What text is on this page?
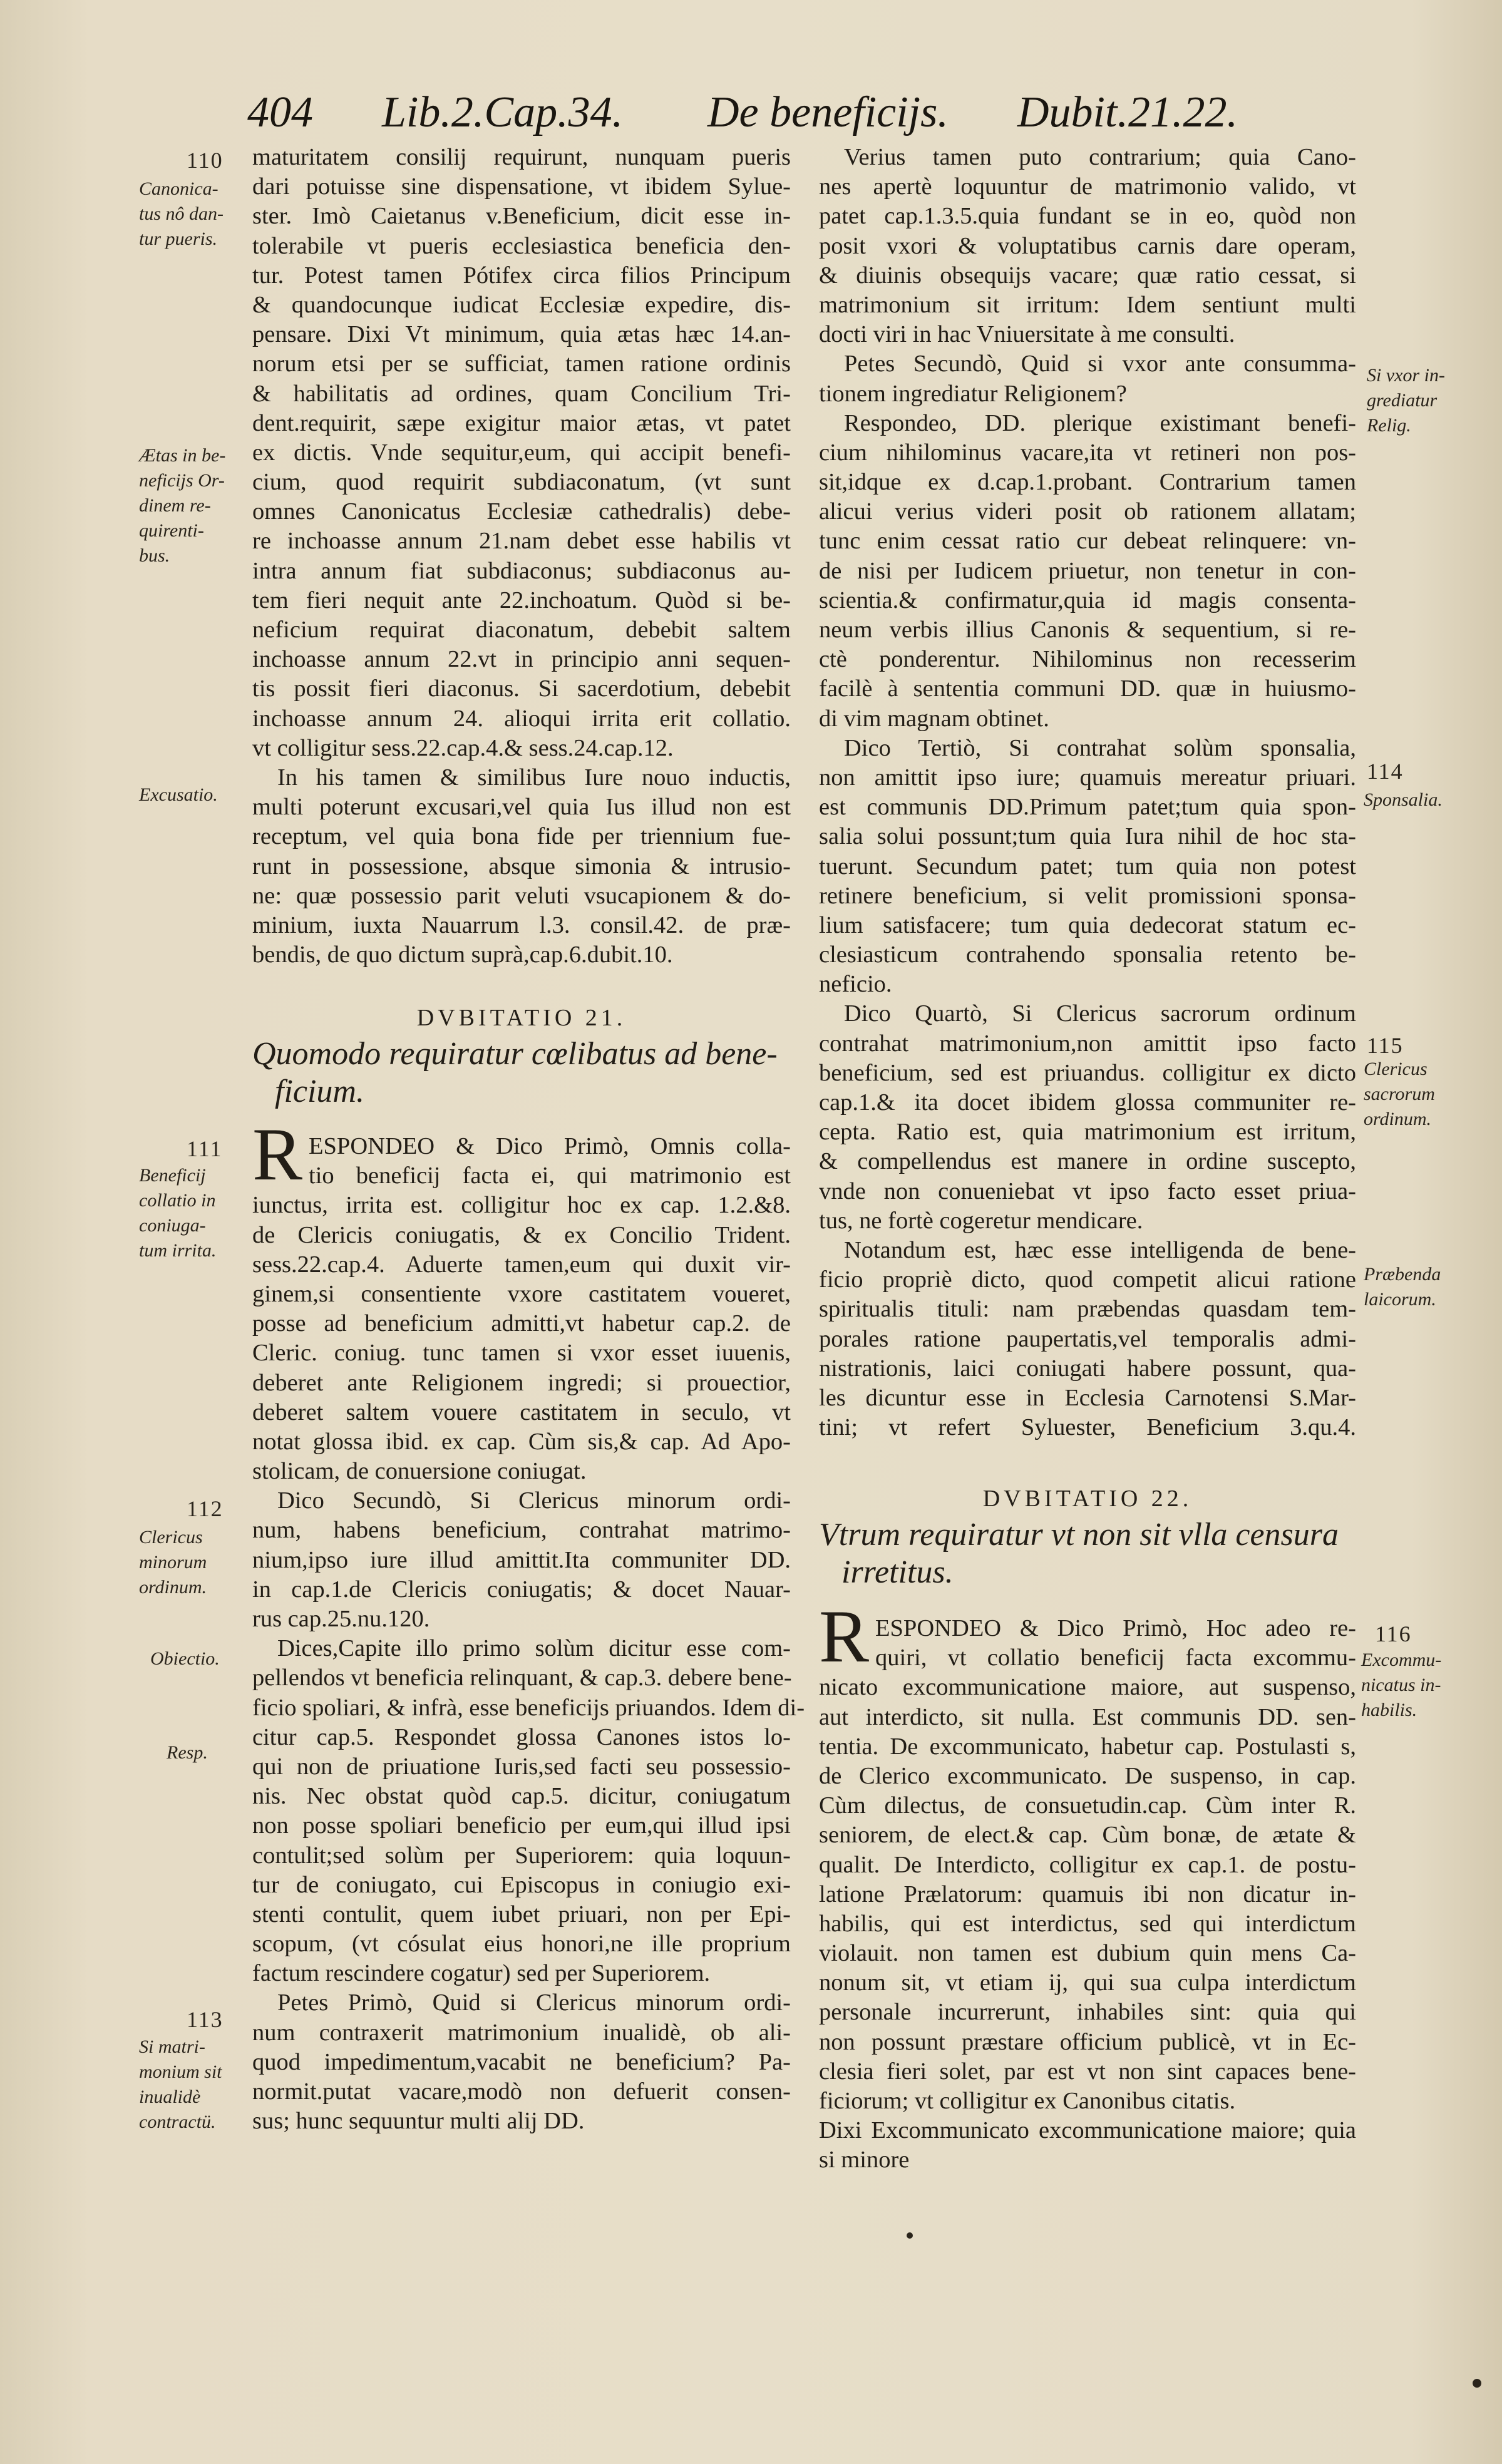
404 Lib.2.Cap.34. De beneficijs. Dubit.21.22.

maturitatem consilij requirunt, nunquam pueris

dari potuisse sine dispensatione, vt ibidem Sylue-

ster. Imò Caietanus v.Beneficium, dicit esse in-

tolerabile vt pueris ecclesiastica beneficia den-

tur. Potest tamen Pótifex circa filios Principum

& quandocunque iudicat Ecclesiæ expedire, dis-

pensare. Dixi Vt minimum, quia ætas hæc 14.an-

norum etsi per se sufficiat, tamen ratione ordinis

& habilitatis ad ordines, quam Concilium Tri-

dent.requirit, sæpe exigitur maior ætas, vt patet

ex dictis. Vnde sequitur,eum, qui accipit benefi-

cium, quod requirit subdiaconatum, (vt sunt

omnes Canonicatus Ecclesiæ cathedralis) debe-

re inchoasse annum 21.nam debet esse habilis vt

intra annum fiat subdiaconus; subdiaconus au-

tem fieri nequit ante 22.inchoatum. Quòd si be-

neficium requirat diaconatum, debebit saltem

inchoasse annum 22.vt in principio anni sequen-

tis possit fieri diaconus. Si sacerdotium, debebit

inchoasse annum 24. alioqui irrita erit collatio.

vt colligitur sess.22.cap.4.& sess.24.cap.12.

In his tamen & similibus Iure nouo inductis,

multi poterunt excusari,vel quia Ius illud non est

receptum, vel quia bona fide per triennium fue-

runt in possessione, absque simonia & intrusio-

ne: quæ possessio parit veluti vsucapionem & do-

minium, iuxta Nauarrum l.3. consil.42. de præ-

bendis, de quo dictum suprà,cap.6.dubit.10.

DVBITATIO 21.

Quomodo requiratur cœlibatus ad bene-

ficium.

R ESPONDEO & Dico Primò, Omnis colla-

tio beneficij facta ei, qui matrimonio est

iunctus, irrita est. colligitur hoc ex cap. 1.2.&8.

de Clericis coniugatis, & ex Concilio Trident.

sess.22.cap.4. Aduerte tamen,eum qui duxit vir-

ginem,si consentiente vxore castitatem voueret,

posse ad beneficium admitti,vt habetur cap.2. de

Cleric. coniug. tunc tamen si vxor esset iuuenis,

deberet ante Religionem ingredi; si prouectior,

deberet saltem vouere castitatem in seculo, vt

notat glossa ibid. ex cap. Cùm sis,& cap. Ad Apo-

stolicam, de conuersione coniugat.

Dico Secundò, Si Clericus minorum ordi-

num, habens beneficium, contrahat matrimo-

nium,ipso iure illud amittit.Ita communiter DD.

in cap.1.de Clericis coniugatis; & docet Nauar-

rus cap.25.nu.120.

Dices,Capite illo primo solùm dicitur esse com-

pellendos vt beneficia relinquant, & cap.3. debere bene-

ficio spoliari, & infrà, esse beneficijs priuandos. Idem di-

citur cap.5. Respondet glossa Canones istos lo-

qui non de priuatione Iuris,sed facti seu possessio-

nis. Nec obstat quòd cap.5. dicitur, coniugatum

non posse spoliari beneficio per eum,qui illud ipsi

contulit;sed solùm per Superiorem: quia loquun-

tur de coniugato, cui Episcopus in coniugio exi-

stenti contulit, quem iubet priuari, non per Epi-

scopum, (vt cósulat eius honori,ne ille proprium

factum rescindere cogatur) sed per Superiorem.

Petes Primò, Quid si Clericus minorum ordi-

num contraxerit matrimonium inualidè, ob ali-

quod impedimentum,vacabit ne beneficium? Pa-

normit.putat vacare,modò non defuerit consen-

sus; hunc sequuntur multi alij DD.

Verius tamen puto contrarium; quia Cano-

nes apertè loquuntur de matrimonio valido, vt

patet cap.1.3.5.quia fundant se in eo, quòd non

posit vxori & voluptatibus carnis dare operam,

& diuinis obsequijs vacare; quæ ratio cessat, si

matrimonium sit irritum: Idem sentiunt multi

docti viri in hac Vniuersitate à me consulti.

Petes Secundò, Quid si vxor ante consumma-

tionem ingrediatur Religionem?

Respondeo, DD. plerique existimant benefi-

cium nihilominus vacare,ita vt retineri non pos-

sit,idque ex d.cap.1.probant. Contrarium tamen

alicui verius videri posit ob rationem allatam;

tunc enim cessat ratio cur debeat relinquere: vn-

de nisi per Iudicem priuetur, non tenetur in con-

scientia.& confirmatur,quia id magis consenta-

neum verbis illius Canonis & sequentium, si re-

ctè ponderentur. Nihilominus non recesserim

facilè à sententia communi DD. quæ in huiusmo-

di vim magnam obtinet.

Dico Tertiò, Si contrahat solùm sponsalia,

non amittit ipso iure; quamuis mereatur priuari.

est communis DD.Primum patet;tum quia spon-

salia solui possunt;tum quia Iura nihil de hoc sta-

tuerunt. Secundum patet; tum quia non potest

retinere beneficium, si velit promissioni sponsa-

lium satisfacere; tum quia dedecorat statum ec-

clesiasticum contrahendo sponsalia retento be-

neficio.

Dico Quartò, Si Clericus sacrorum ordinum

contrahat matrimonium,non amittit ipso facto

beneficium, sed est priuandus. colligitur ex dicto

cap.1.& ita docet ibidem glossa communiter re-

cepta. Ratio est, quia matrimonium est irritum,

& compellendus est manere in ordine suscepto,

vnde non conueniebat vt ipso facto esset priua-

tus, ne fortè cogeretur mendicare.

Notandum est, hæc esse intelligenda de bene-

ficio propriè dicto, quod competit alicui ratione

spiritualis tituli: nam præbendas quasdam tem-

porales ratione paupertatis,vel temporalis admi-

nistrationis, laici coniugati habere possunt, qua-

les dicuntur esse in Ecclesia Carnotensi S.Mar-

tini; vt refert Syluester, Beneficium 3.qu.4.

DVBITATIO 22.

Vtrum requiratur vt non sit vlla censura

irretitus.

R ESPONDEO & Dico Primò, Hoc adeo re-

quiri, vt collatio beneficij facta excommu-

nicato excommunicatione maiore, aut suspenso,

aut interdicto, sit nulla. Est communis DD. sen-

tentia. De excommunicato, habetur cap. Postulasti s,

de Clerico excommunicato. De suspenso, in cap.

Cùm dilectus, de consuetudin.cap. Cùm inter R.

seniorem, de elect.& cap. Cùm bonæ, de ætate &

qualit. De Interdicto, colligitur ex cap.1. de postu-

latione Prælatorum: quamuis ibi non dicatur in-

habilis, qui est interdictus, sed qui interdictum

violauit. non tamen est dubium quin mens Ca-

nonum sit, vt etiam ij, qui sua culpa interdictum

personale incurrerunt, inhabiles sint: quia qui

non possunt præstare officium publicè, vt in Ec-

clesia fieri solet, par est vt non sint capaces bene-

ficiorum; vt colligitur ex Canonibus citatis.

Dixi Excommunicato excommunicatione maiore; quia

si minore

110
Canonica-
tus nô dan-
tur pueris.
Ætas in be-
neficijs Or-
dinem re-
quirenti-
bus.
Excusatio.
111
Beneficij
collatio in
coniuga-
tum irrita.
112
Clericus
minorum
ordinum.
Obiectio.
Resp.
113
Si matri-
monium sit
inualidè
contractü.
Si vxor in-
grediatur
Relig.
114
Sponsalia.
115
Clericus
sacrorum
ordinum.
Præbenda
laicorum.
116
Excommu-
nicatus in-
habilis.
